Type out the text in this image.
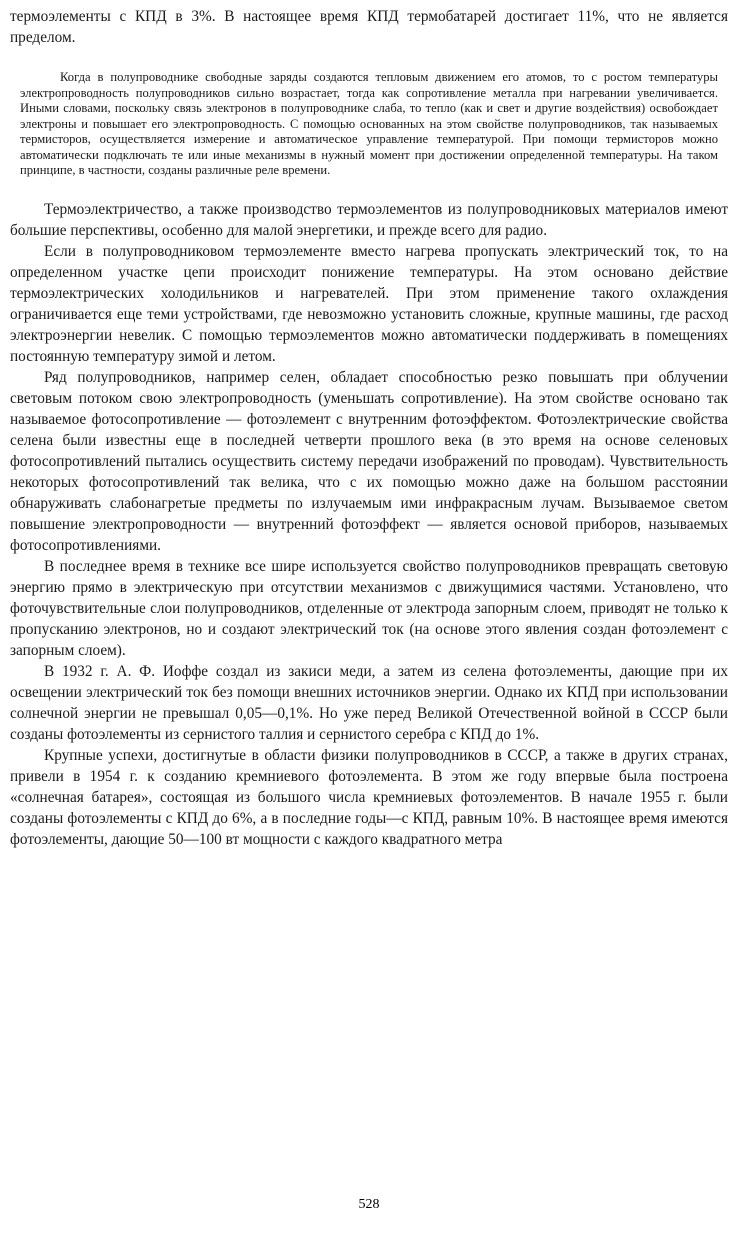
термоэлементы с КПД в 3%. В настоящее время КПД термобатарей достигает 11%, что не является пределом.

Когда в полупроводнике свободные заряды создаются тепловым движением его атомов, то с ростом температуры электропроводность полупроводников сильно возрастает, тогда как сопротивление металла при нагревании увеличивается. Иными словами, поскольку связь электронов в полупроводнике слаба, то тепло (как и свет и другие воздействия) освобождает электроны и повышает его электропроводность. С помощью основанных на этом свойстве полупроводников, так называемых термисторов, осуществляется измерение и автоматическое управление температурой. При помощи термисторов можно автоматически подключать те или иные механизмы в нужный момент при достижении определенной температуры. На таком принципе, в частности, созданы различные реле времени.

Термоэлектричество, а также производство термоэлементов из полупроводниковых материалов имеют большие перспективы, особенно для малой энергетики, и прежде всего для радио.

Если в полупроводниковом термоэлементе вместо нагрева пропускать электрический ток, то на определенном участке цепи происходит понижение температуры. На этом основано действие термоэлектрических холодильников и нагревателей. При этом применение такого охлаждения ограничивается еще теми устройствами, где невозможно установить сложные, крупные машины, где расход электроэнергии невелик. С помощью термоэлементов можно автоматически поддерживать в помещениях постоянную температуру зимой и летом.

Ряд полупроводников, например селен, обладает способностью резко повышать при облучении световым потоком свою электропроводность (уменьшать сопротивление). На этом свойстве основано так называемое фотосопротивление — фотоэлемент с внутренним фотоэффектом. Фотоэлектрические свойства селена были известны еще в последней четверти прошлого века (в это время на основе селеновых фотосопротивлений пытались осуществить систему передачи изображений по проводам). Чувствительность некоторых фотосопротивлений так велика, что с их помощью можно даже на большом расстоянии обнаруживать слабонагретые предметы по излучаемым ими инфракрасным лучам. Вызываемое светом повышение электропроводности — внутренний фотоэффект — является основой приборов, называемых фотосопротивлениями.

В последнее время в технике все шире используется свойство полупроводников превращать световую энергию прямо в электрическую при отсутствии механизмов с движущимися частями. Установлено, что фоточувствительные слои полупроводников, отделенные от электрода запорным слоем, приводят не только к пропусканию электронов, но и создают электрический ток (на основе этого явления создан фотоэлемент с запорным слоем).

В 1932 г. А. Ф. Иоффе создал из закиси меди, а затем из селена фотоэлементы, дающие при их освещении электрический ток без помощи внешних источников энергии. Однако их КПД при использовании солнечной энергии не превышал 0,05—0,1%. Но уже перед Великой Отечественной войной в СССР были созданы фотоэлементы из сернистого таллия и сернистого серебра с КПД до 1%.

Крупные успехи, достигнутые в области физики полупроводников в СССР, а также в других странах, привели в 1954 г. к созданию кремниевого фотоэлемента. В этом же году впервые была построена «солнечная батарея», состоящая из большого числа кремниевых фотоэлементов. В начале 1955 г. были созданы фотоэлементы с КПД до 6%, а в последние годы—с КПД, равным 10%. В настоящее время имеются фотоэлементы, дающие 50—100 вт мощности с каждого квадратного метра

528
